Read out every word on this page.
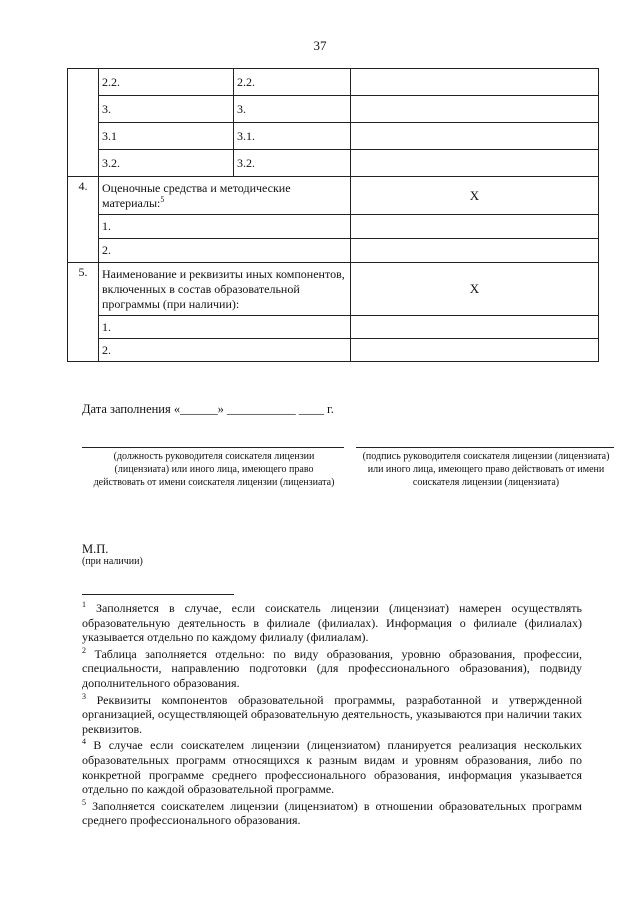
37
	2.2.	2.2.	
	3.	3.	
	3.1	3.1.	
	3.2.	3.2.	
4.	Оценочные средства и методические материалы:$^5$		X
	1.		
	2.		
5.	Наименование и реквизиты иных компонентов, включенных в состав образовательной программы (при наличии):		X
	1.		
	2.		
Дата заполнения «______» ___________ ____ г.
(должность руководителя соискателя лицензии (лицензиата) или иного лица, имеющего право действовать от имени соискателя лицензии (лицензиата)
(подпись руководителя соискателя лицензии (лицензиата) или иного лица, имеющего право действовать от имени соискателя лицензии (лицензиата)
М.П.
(при наличии)
$^1$ Заполняется в случае, если соискатель лицензии (лицензиат) намерен осуществлять образовательную деятельность в филиале (филиалах). Информация о филиале (филиалах) указывается отдельно по каждому филиалу (филиалам).
$^2$ Таблица заполняется отдельно: по виду образования, уровню образования, профессии, специальности, направлению подготовки (для профессионального образования), подвиду дополнительного образования.
$^3$ Реквизиты компонентов образовательной программы, разработанной и утвержденной организацией, осуществляющей образовательную деятельность, указываются при наличии таких реквизитов.
$^4$ В случае если соискателем лицензии (лицензиатом) планируется реализация нескольких образовательных программ относящихся к разным видам и уровням образования, либо по конкретной программе среднего профессионального образования, информация указывается отдельно по каждой образовательной программе.
$^5$ Заполняется соискателем лицензии (лицензиатом) в отношении образовательных программ среднего профессионального образования.
